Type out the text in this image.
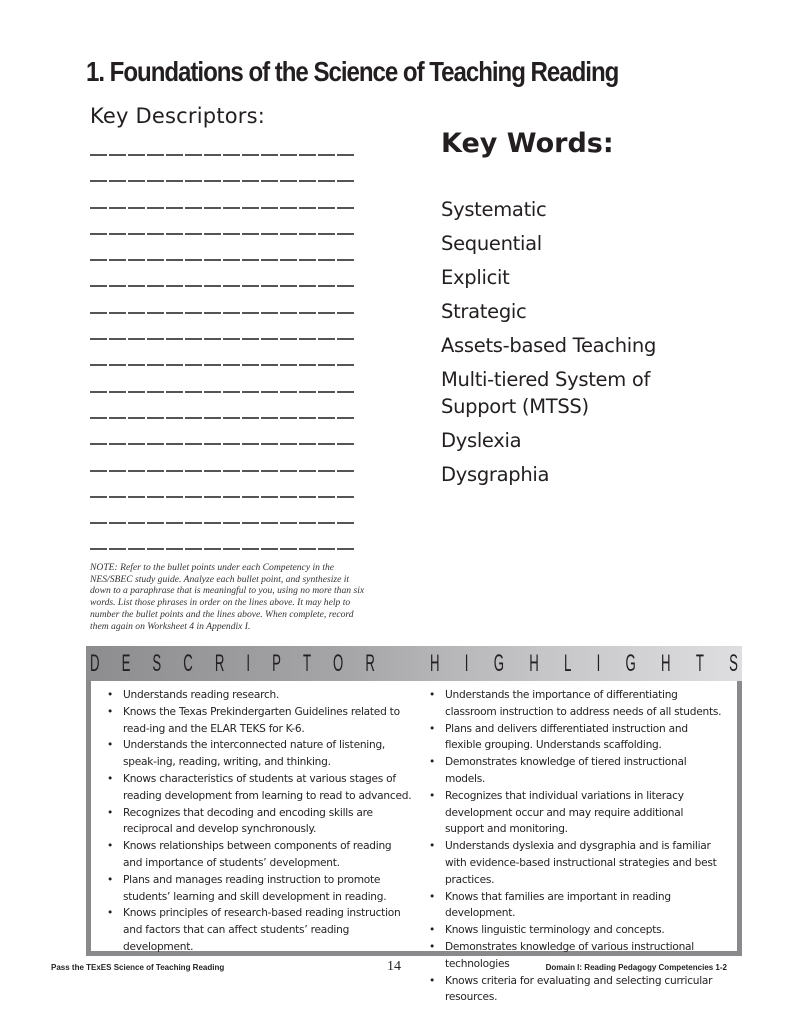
1. Foundations of the Science of Teaching Reading
Key Descriptors:
NOTE: Refer to the bullet points under each Competency in the NES/SBEC study guide. Analyze each bullet point, and synthesize it down to a paraphrase that is meaningful to you, using no more than six words. List those phrases in order on the lines above. It may help to number the bullet points and the lines above. When complete, record them again on Worksheet 4 in Appendix I.
Key Words:
Systematic
Sequential
Explicit
Strategic
Assets-based Teaching
Multi-tiered System of Support (MTSS)
Dyslexia
Dysgraphia
D E S C R I P T O R H I G H L I G H T S
• Understands reading research.
• Knows the Texas Prekindergarten Guidelines related to read-ing and the ELAR TEKS for K-6.
• Understands the interconnected nature of listening, speak-ing, reading, writing, and thinking.
• Knows characteristics of students at various stages of reading development from learning to read to advanced.
• Recognizes that decoding and encoding skills are reciprocal and develop synchronously.
• Knows relationships between components of reading and importance of students’ development.
• Plans and manages reading instruction to promote students’ learning and skill development in reading.
• Knows principles of research-based reading instruction and factors that can affect students’ reading development.
• Understands the importance of differentiating classroom instruction to address needs of all students.
• Plans and delivers differentiated instruction and flexible grouping. Understands scaffolding.
• Demonstrates knowledge of tiered instructional models.
• Recognizes that individual variations in literacy development occur and may require additional support and monitoring.
• Understands dyslexia and dysgraphia and is familiar with evidence-based instructional strategies and best practices.
• Knows that families are important in reading development.
• Knows linguistic terminology and concepts.
• Demonstrates knowledge of various instructional technologies
• Knows criteria for evaluating and selecting curricular resources.
Pass the TExES Science of Teaching Reading	14	Domain I: Reading Pedagogy Competencies 1-2
